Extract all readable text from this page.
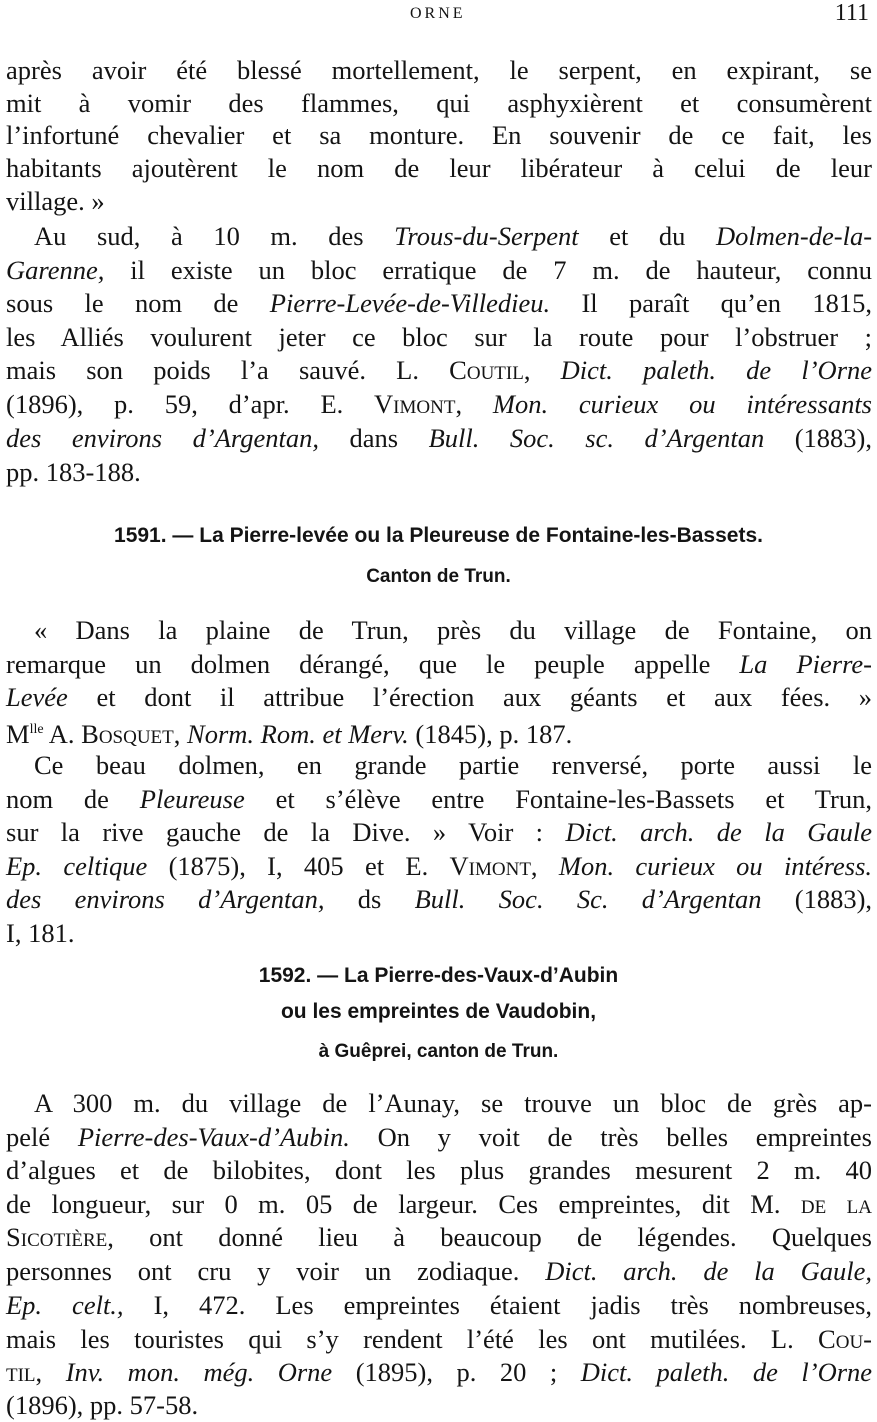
ORNE	111
après avoir été blessé mortellement, le serpent, en expirant, se
mit à vomir des flammes, qui asphyxièrent et consumèrent
l’infortuné chevalier et sa monture. En souvenir de ce fait, les
habitants ajoutèrent le nom de leur libérateur à celui de leur
village. »
Au sud, à 10 m. des Trous-du-Serpent et du Dolmen-de-la-
Garenne, il existe un bloc erratique de 7 m. de hauteur, connu
sous le nom de Pierre-Levée-de-Villedieu. Il paraît qu’en 1815,
les Alliés voulurent jeter ce bloc sur la route pour l’obstruer ;
mais son poids l’a sauvé. L. Coutil, Dict. paleth. de l’Orne
(1896), p. 59, d’apr. E. Vimont, Mon. curieux ou intéressants
des environs d’Argentan, dans Bull. Soc. sc. d’Argentan (1883),
pp. 183-188.
1591. — La Pierre-levée ou la Pleureuse de Fontaine-les-Bassets.
Canton de Trun.
« Dans la plaine de Trun, près du village de Fontaine, on
remarque un dolmen dérangé, que le peuple appelle La Pierre-
Levée et dont il attribue l’érection aux géants et aux fées. »
$M^{lle}$ A. Bosquet, Norm. Rom. et Merv. (1845), p. 187.
Ce beau dolmen, en grande partie renversé, porte aussi le
nom de Pleureuse et s’élève entre Fontaine-les-Bassets et Trun,
sur la rive gauche de la Dive. » Voir : Dict. arch. de la Gaule
Ep. celtique (1875), I, 405 et E. Vimont, Mon. curieux ou intéress.
des environs d’Argentan, ds Bull. Soc. Sc. d’Argentan (1883),
I, 181.
1592. — La Pierre-des-Vaux-d’Aubin
ou les empreintes de Vaudobin,
à Guêprei, canton de Trun.
A 300 m. du village de l’Aunay, se trouve un bloc de grès ap-
pelé Pierre-des-Vaux-d’Aubin. On y voit de très belles empreintes
d’algues et de bilobites, dont les plus grandes mesurent 2 m. 40
de longueur, sur 0 m. 05 de largeur. Ces empreintes, dit M. de la
Sicotière, ont donné lieu à beaucoup de légendes. Quelques
personnes ont cru y voir un zodiaque. Dict. arch. de la Gaule,
Ep. celt., I, 472. Les empreintes étaient jadis très nombreuses,
mais les touristes qui s’y rendent l’été les ont mutilées. L. Cou-
til, Inv. mon. még. Orne (1895), p. 20 ; Dict. paleth. de l’Orne
(1896), pp. 57-58.
